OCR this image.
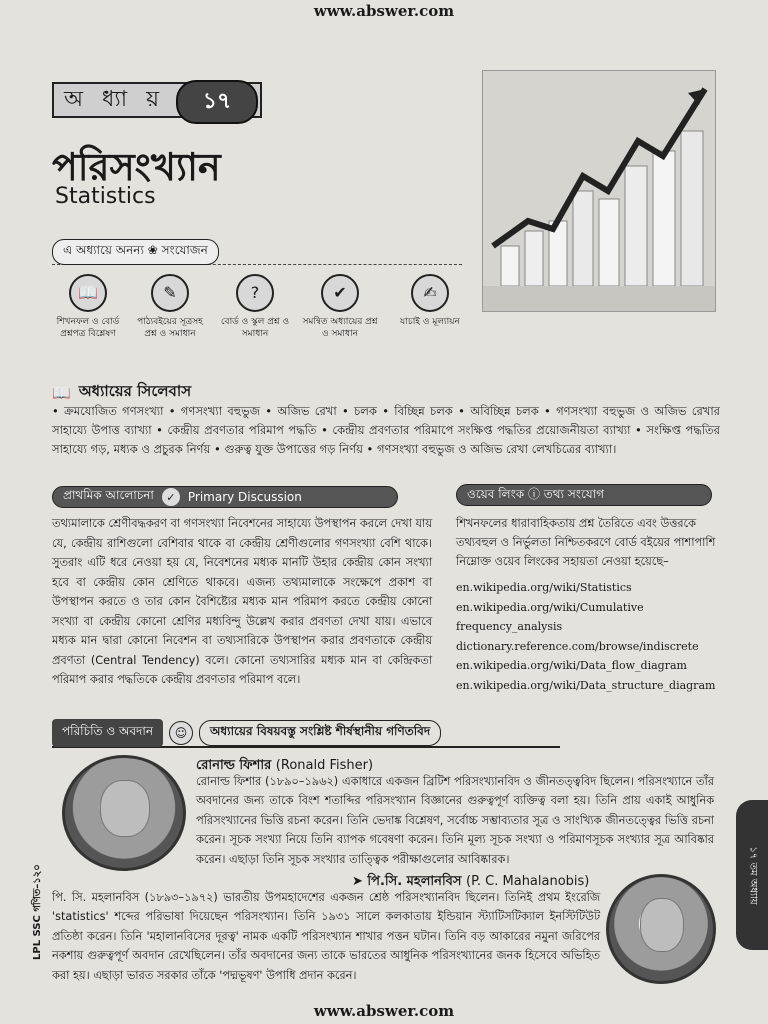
www.abswer.com
অ ধ্যা য়	১৭
পরিসংখ্যান
Statistics
এ অধ্যায়ে অনন্য ❀ সংযোজন
📖
শিখনফল ও বোর্ড প্রশ্নপত্র বিশ্লেষণ
✎
পাঠ্যবইয়ের সূত্রসহ প্রশ্ন ও সমাধান
?
বোর্ড ও স্কুল প্রশ্ন ও সমাধান
✔
সমন্বিত অধ্যায়ের প্রশ্ন ও সমাধান
✍
যাচাই ও মূল্যায়ন
📖 অধ্যায়ের সিলেবাস
• ক্রমযোজিত গণসংখ্যা • গণসংখ্যা বহুভুজ • অজিভ রেখা • চলক • বিচ্ছিন্ন চলক • অবিচ্ছিন্ন চলক • গণসংখ্যা বহুভুজ ও অজিভ রেখার সাহায্যে উপাত্ত ব্যাখ্যা • কেন্দ্রীয় প্রবণতার পরিমাপ পদ্ধতি • কেন্দ্রীয় প্রবণতার পরিমাপে সংক্ষিপ্ত পদ্ধতির প্রয়োজনীয়তা ব্যাখ্যা • সংক্ষিপ্ত পদ্ধতির সাহায্যে গড়, মধ্যক ও প্রচুরক নির্ণয় • গুরুত্ব যুক্ত উপাত্তের গড় নির্ণয় • গণসংখ্যা বহুভুজ ও অজিভ রেখা লেখচিত্রের ব্যাখ্যা।
প্রাথমিক আলোচনা	✓	Primary Discussion
তথ্যমালাকে শ্রেণীবদ্ধকরণ বা গণসংখ্যা নিবেশনের সাহায্যে উপস্থাপন করলে দেখা যায় যে, কেন্দ্রীয় রাশিগুলো বেশিবার থাকে বা কেন্দ্রীয় শ্রেণীগুলোর গণসংখ্যা বেশি থাকে। সুতরাং এটি ধরে নেওয়া হয় যে, নিবেশনের মধ্যক মানটি উহার কেন্দ্রীয় কোন সংখ্যা হবে বা কেন্দ্রীয় কোন শ্রেণিতে থাকবে। এজন্য তথ্যমালাকে সংক্ষেপে প্রকাশ বা উপস্থাপন করতে ও তার কোন বৈশিষ্ট্যের মধ্যক মান পরিমাপ করতে কেন্দ্রীয় কোনো সংখ্যা বা কেন্দ্রীয় কোনো শ্রেণির মধ্যবিন্দু উল্লেখ করার প্রবণতা দেখা যায়। এভাবে মধ্যক মান দ্বারা কোনো নিবেশন বা তথ্যসারিকে উপস্থাপন করার প্রবণতাকে কেন্দ্রীয় প্রবণতা (Central Tendency) বলে। কোনো তথ্যসারির মধ্যক মান বা কেন্দ্রিকতা পরিমাপ করার পদ্ধতিকে কেন্দ্রীয় প্রবণতার পরিমাপ বলে।
ওয়েব লিংক ⓘ তথ্য সংযোগ
শিখনফলের ধারাবাহিকতায় প্রশ্ন তৈরিতে এবং উত্তরকে তথ্যবহুল ও নির্ভুলতা নিশ্চিতকরণে বোর্ড বইয়ের পাশাপাশি নিম্নোক্ত ওয়েব লিংকের সহায়তা নেওয়া হয়েছে–
en.wikipedia.org/wiki/Statistics
en.wikipedia.org/wiki/Cumulative
frequency_analysis
dictionary.reference.com/browse/indiscrete
en.wikipedia.org/wiki/Data_flow_diagram
en.wikipedia.org/wiki/Data_structure_diagram
পরিচিতি ও অবদান	☺	অধ্যায়ের বিষয়বস্তু সংশ্লিষ্ট শীর্ষস্থানীয় গণিতবিদ
রোনাল্ড ফিশার (Ronald Fisher)
রোনাল্ড ফিশার (১৮৯০–১৯৬২) একাধারে একজন ব্রিটিশ পরিসংখ্যানবিদ ও জীনতত্ত্ববিদ ছিলেন। পরিসংখ্যানে তাঁর অবদানের জন্য তাকে বিংশ শতাব্দির পরিসংখ্যান বিজ্ঞানের গুরুত্বপূর্ণ ব্যক্তিত্ব বলা হয়। তিনি প্রায় একাই আধুনিক পরিসংখ্যানের ভিত্তি রচনা করেন। তিনি ভেদাঙ্ক বিশ্লেষণ, সর্বোচ্চ সম্ভাব্যতার সূত্র ও সাংখ্যিক জীনতত্ত্বের ভিত্তি রচনা করেন। সূচক সংখ্যা নিয়ে তিনি ব্যাপক গবেষণা করেন। তিনি মূল্য সূচক সংখ্যা ও পরিমাণসূচক সংখ্যার সূত্র আবিষ্কার করেন। এছাড়া তিনি সূচক সংখ্যার তাত্ত্বিক পরীক্ষাগুলোর আবিষ্কারক।
➤ পি.সি. মহলানবিস (P. C. Mahalanobis)
পি. সি. মহলানবিস (১৮৯৩–১৯৭২) ভারতীয় উপমহাদেশের একজন শ্রেষ্ঠ পরিসংখ্যানবিদ ছিলেন। তিনিই প্রথম ইংরেজি 'statistics' শব্দের পরিভাষা দিয়েছেন পরিসংখ্যান। তিনি ১৯৩১ সালে কলকাতায় ইন্ডিয়ান স্ট্যাটিসটিক্যাল ইনস্টিটিউট প্রতিষ্ঠা করেন। তিনি 'মহালানবিসের দূরত্ব' নামক একটি পরিসংখ্যান শাখার পত্তন ঘটান। তিনি বড় আকারের নমুনা জরিপের নকশায় গুরুত্বপূর্ণ অবদান রেখেছিলেন। তাঁর অবদানের জন্য তাকে ভারতের আধুনিক পরিসংখ্যানের জনক হিসেবে অভিহিত করা হয়। এছাড়া ভারত সরকার তাঁকে 'পদ্মভূষণ' উপাধি প্রদান করেন।
LPL SSC গণিত–১২০	১৭ তম অধ্যায়
www.abswer.com
